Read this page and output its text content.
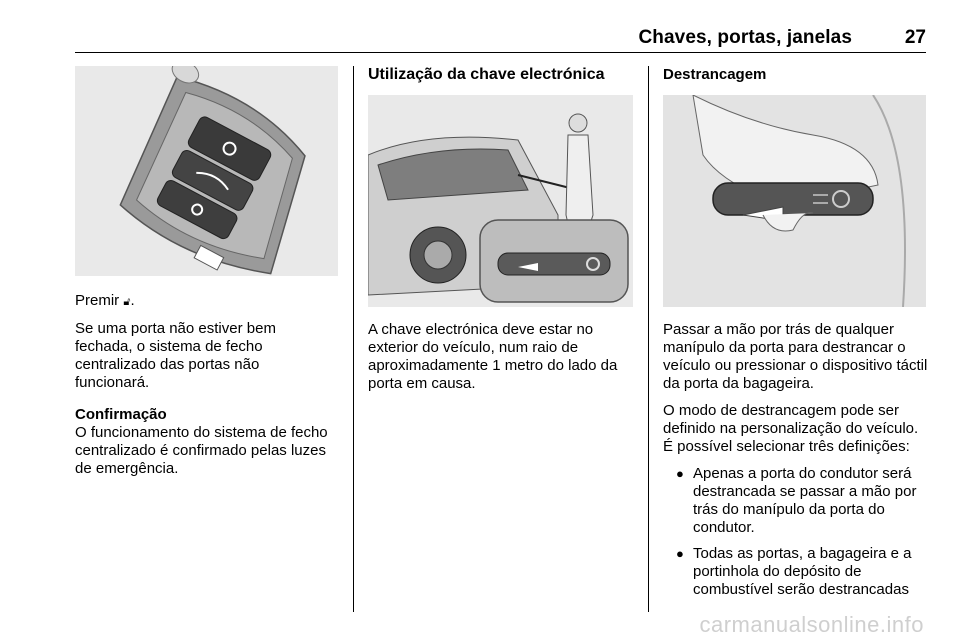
Chaves, portas, janelas	27

Premir 🔓︎.

Se uma porta não estiver bem fechada, o sistema de fecho centralizado das portas não funcionará.

Confirmação

O funcionamento do sistema de fecho centralizado é confirmado pelas luzes de emergência.

Utilização da chave electrónica

A chave electrónica deve estar no exterior do veículo, num raio de aproximadamente 1 metro do lado da porta em causa.

Destrancagem

Passar a mão por trás de qualquer manípulo da porta para destrancar o veículo ou pressionar o dispositivo táctil da porta da bagageira.

O modo de destrancagem pode ser definido na personalização do veículo. É possível selecionar três definições:

● Apenas a porta do condutor será destrancada se passar a mão por trás do manípulo da porta do condutor.
● Todas as portas, a bagageira e a portinhola do depósito de combustível serão destrancadas
carmanualsonline.info
